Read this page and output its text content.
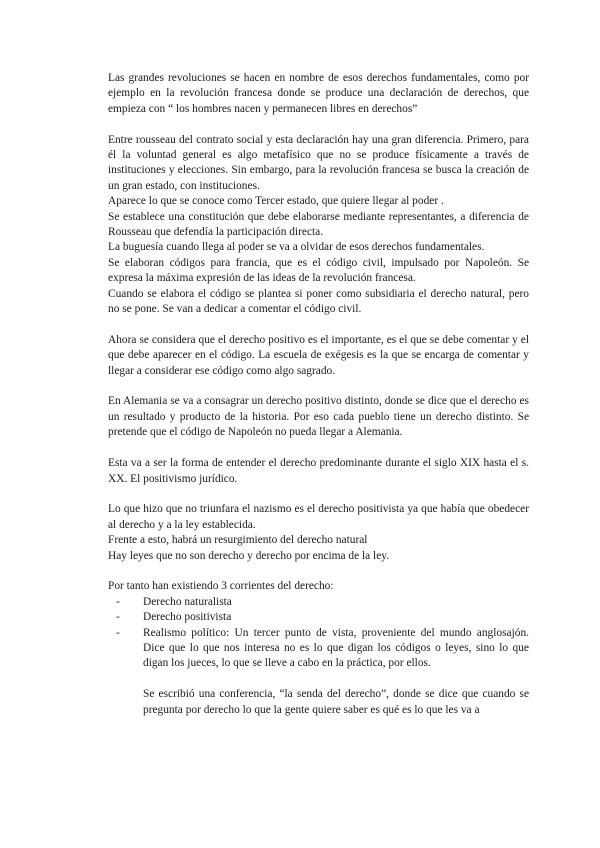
Las grandes revoluciones se hacen en nombre de esos derechos fundamentales, como por ejemplo en la revolución francesa donde se produce una declaración de derechos, que empieza con “ los hombres nacen y permanecen libres en derechos”

Entre rousseau del contrato social y esta declaración hay una gran diferencia. Primero, para él la voluntad general es algo metafísico que no se produce físicamente a través de instituciones y elecciones. Sin embargo, para la revolución francesa se busca la creación de un gran estado, con instituciones.

Aparece lo que se conoce como Tercer estado, que quiere llegar al poder .

Se establece una constitución que debe elaborarse mediante representantes, a diferencia de Rousseau que defendía la participación directa.

La buguesía cuando llega al poder se va a olvidar de esos derechos fundamentales.

Se elaboran códigos para francia, que es el código civil, impulsado por Napoleón. Se expresa la máxima expresión de las ideas de la revolución francesa.

Cuando se elabora el código se plantea si poner como subsidiaria el derecho natural, pero no se pone. Se van a dedicar a comentar el código civil.

Ahora se considera que el derecho positivo es el importante, es el que se debe comentar y el que debe aparecer en el código. La escuela de exégesis es la que se encarga de comentar y llegar a considerar ese código como algo sagrado.

En Alemania se va a consagrar un derecho positivo distinto, donde se dice que el derecho es un resultado y producto de la historia. Por eso cada pueblo tiene un derecho distinto. Se pretende que el código de Napoleón no pueda llegar a Alemania.

Esta va a ser la forma de entender el derecho predominante durante el siglo XIX hasta el s. XX. El positivismo jurídico.

Lo que hizo que no triunfara el nazismo es el derecho positivista ya que había que obedecer al derecho y a la ley establecida.

Frente a esto, habrá un resurgimiento del derecho natural

Hay leyes que no son derecho y derecho por encima de la ley.

Por tanto han existiendo 3 corrientes del derecho:

- Derecho naturalista
- Derecho positivista
- Realismo político: Un tercer punto de vista, proveniente del mundo anglosajón. Dice que lo que nos interesa no es lo que digan los códigos o leyes, sino lo que digan los jueces, lo que se lleve a cabo en la práctica, por ellos.

Se escribió una conferencia, “la senda del derecho”, donde se dice que cuando se pregunta por derecho lo que la gente quiere saber es qué es lo que les va a
